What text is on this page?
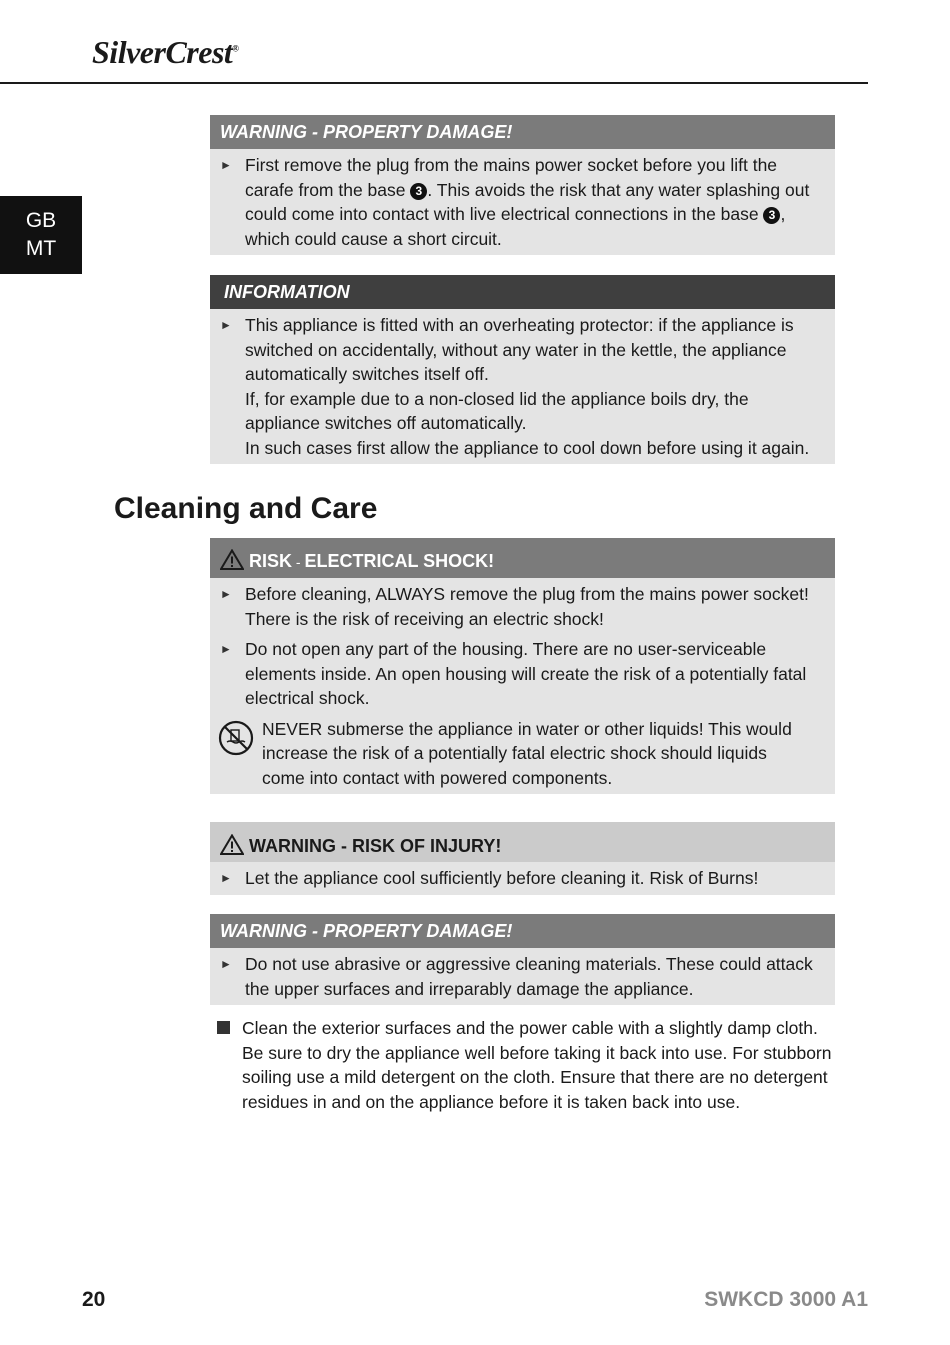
SilverCrest®
GB
MT
WARNING - PROPERTY DAMAGE!
► First remove the plug from the mains power socket before you lift the carafe from the base 3 . This avoids the risk that any water splashing out could come into contact with live electrical connections in the base 3 , which could cause a short circuit.
INFORMATION
► This appliance is fitted with an overheating protector: if the appliance is switched on accidentally, without any water in the kettle, the appliance automatically switches itself off.
If, for example due to a non-closed lid the appliance boils dry, the appliance switches off automatically.
In such cases first allow the appliance to cool down before using it again.
Cleaning and Care
RISK - ELECTRICAL SHOCK!
► Before cleaning, ALWAYS remove the plug from the mains power socket! There is the risk of receiving an electric shock!
► Do not open any part of the housing. There are no user-serviceable elements inside. An open housing will create the risk of a potentially fatal electrical shock.
NEVER submerse the appliance in water or other liquids! This would increase the risk of a potentially fatal electric shock should liquids come into contact with powered components.
WARNING - RISK OF INJURY!
► Let the appliance cool sufficiently before cleaning it. Risk of Burns!
WARNING - PROPERTY DAMAGE!
► Do not use abrasive or aggressive cleaning materials. These could attack the upper surfaces and irreparably damage the appliance.
Clean the exterior surfaces and the power cable with a slightly damp cloth. Be sure to dry the appliance well before taking it back into use. For stubborn soiling use a mild detergent on the cloth. Ensure that there are no detergent residues in and on the appliance before it is taken back into use.
20	SWKCD 3000 A1
